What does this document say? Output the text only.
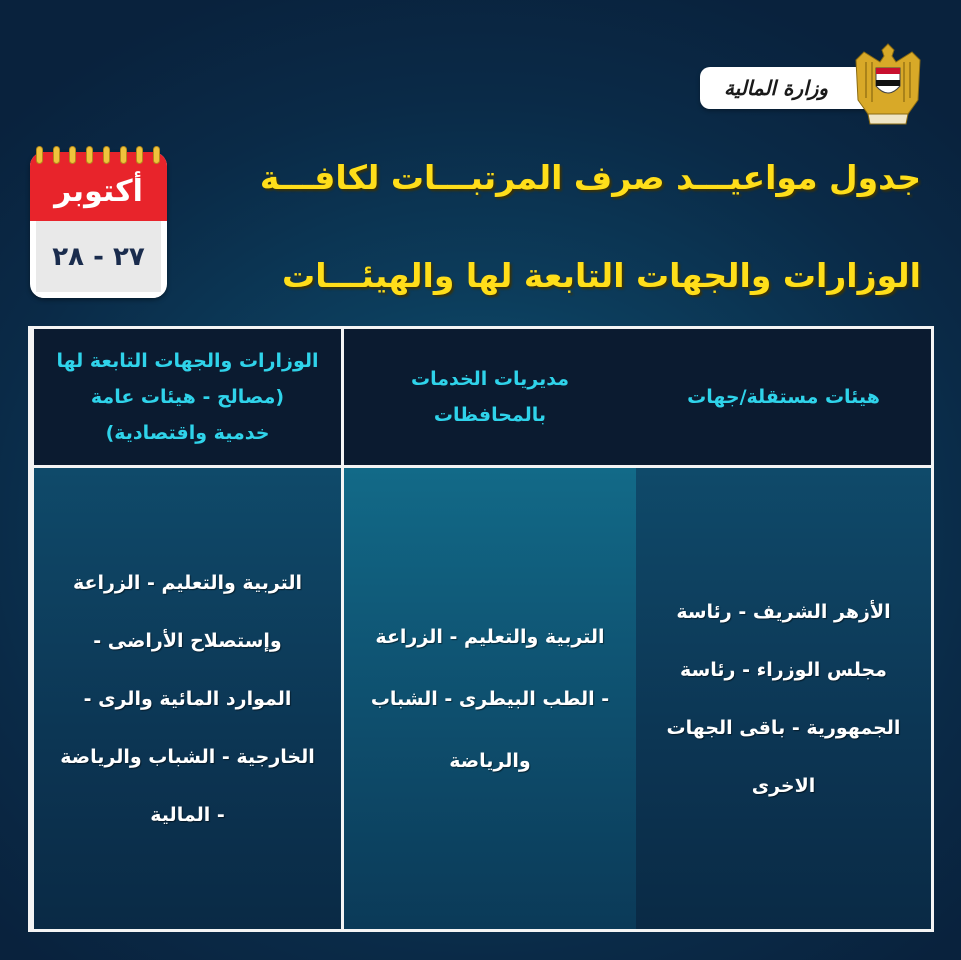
وزارة المالية
أكتوبر
٢٧ - ٢٨
جدول مواعيـــد صرف المرتبـــات لكافـــة
الوزارات والجهات التابعة لها والهيئـــات
الوزارات والجهات التابعة لها
(مصالح - هيئات عامة
خدمية واقتصادية)
مديريات الخدمات
بالمحافظات
هيئات مستقلة/جهات
التربية والتعليم - الزراعة
وإستصلاح الأراضى -
الموارد المائية والرى -
الخارجية - الشباب والرياضة
- المالية
التربية والتعليم - الزراعة
- الطب البيطرى - الشباب
والرياضة
الأزهر الشريف - رئاسة
مجلس الوزراء - رئاسة
الجمهورية - باقى الجهات
الاخرى
